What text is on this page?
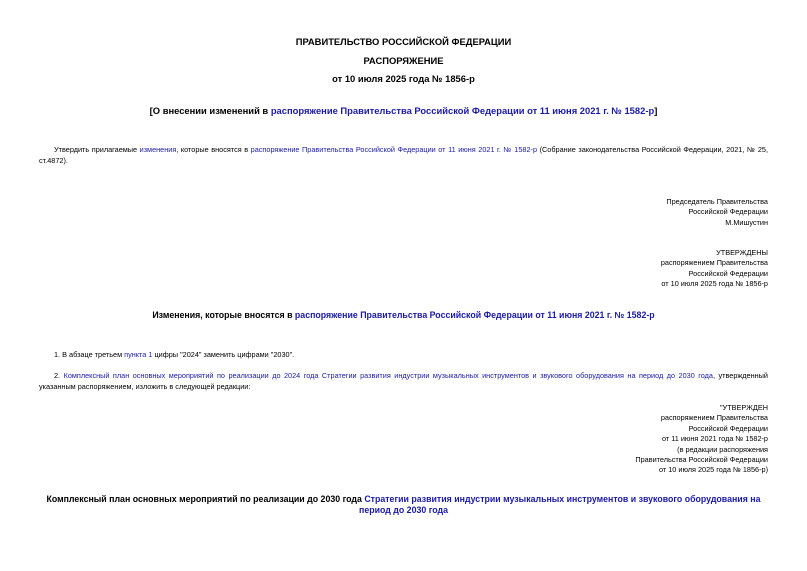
ПРАВИТЕЛЬСТВО РОССИЙСКОЙ ФЕДЕРАЦИИ
РАСПОРЯЖЕНИЕ
от 10 июля 2025 года № 1856-р
[О внесении изменений в распоряжение Правительства Российской Федерации от 11 июня 2021 г. № 1582-р]
Утвердить прилагаемые изменения, которые вносятся в распоряжение Правительства Российской Федерации от 11 июня 2021 г. № 1582-р (Собрание законодательства Российской Федерации, 2021, № 25, ст.4872).
Председатель Правительства
Российской Федерации
М.Мишустин
УТВЕРЖДЕНЫ
распоряжением Правительства
Российской Федерации
от 10 июля 2025 года № 1856-р
Изменения, которые вносятся в распоряжение Правительства Российской Федерации от 11 июня 2021 г. № 1582-р
1. В абзаце третьем пункта 1 цифры "2024" заменить цифрами "2030".
2. Комплексный план основных мероприятий по реализации до 2024 года Стратегии развития индустрии музыкальных инструментов и звукового оборудования на период до 2030 года, утвержденный указанным распоряжением, изложить в следующей редакции:
"УТВЕРЖДЕН
распоряжением Правительства
Российской Федерации
от 11 июня 2021 года № 1582-р
(в редакции распоряжения
Правительства Российской Федерации
от 10 июля 2025 года № 1856-р)
Комплексный план основных мероприятий по реализации до 2030 года Стратегии развития индустрии музыкальных инструментов и звукового оборудования на период до 2030 года
